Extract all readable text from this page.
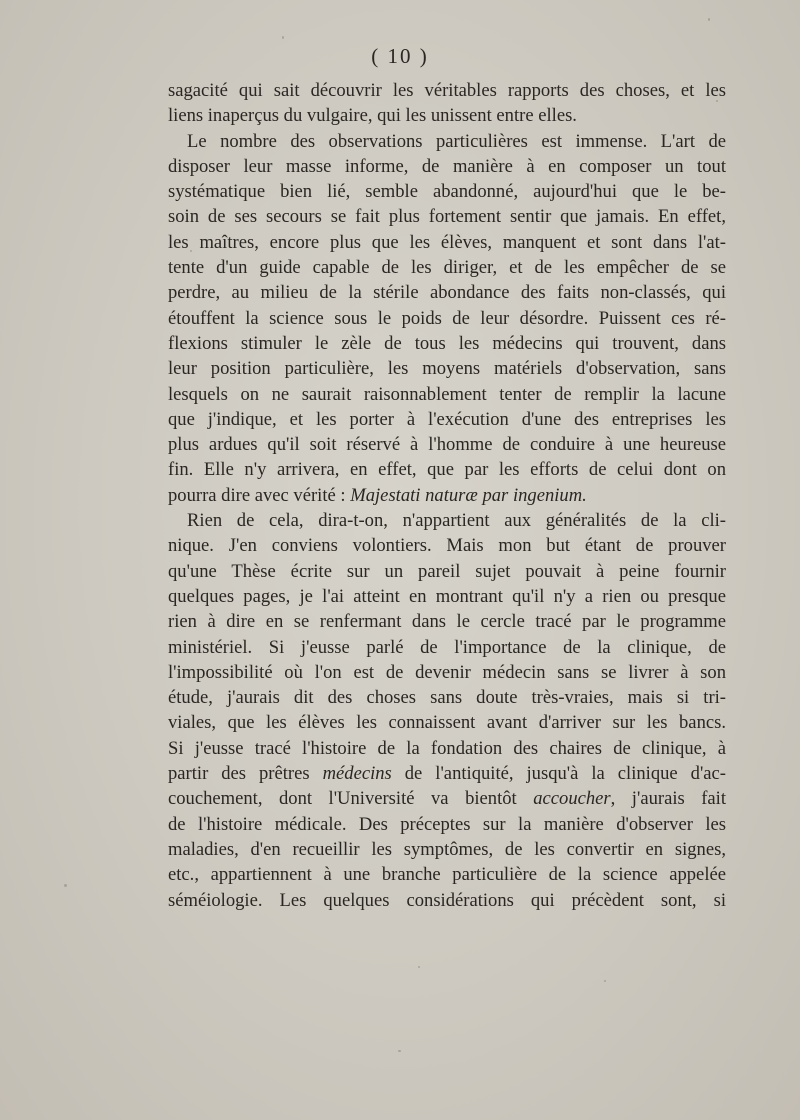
( 10 )
sagacité qui sait découvrir les véritables rapports des choses, et les
liens inaperçus du vulgaire, qui les unissent entre elles.
Le nombre des observations particulières est immense. L'art de
disposer leur masse informe, de manière à en composer un tout
systématique bien lié, semble abandonné, aujourd'hui que le be-
soin de ses secours se fait plus fortement sentir que jamais. En effet,
les maîtres, encore plus que les élèves, manquent et sont dans l'at-
tente d'un guide capable de les diriger, et de les empêcher de se
perdre, au milieu de la stérile abondance des faits non-classés, qui
étouffent la science sous le poids de leur désordre. Puissent ces ré-
flexions stimuler le zèle de tous les médecins qui trouvent, dans
leur position particulière, les moyens matériels d'observation, sans
lesquels on ne saurait raisonnablement tenter de remplir la lacune
que j'indique, et les porter à l'exécution d'une des entreprises les
plus ardues qu'il soit réservé à l'homme de conduire à une heureuse
fin. Elle n'y arrivera, en effet, que par les efforts de celui dont on
pourra dire avec vérité : Majestati naturæ par ingenium.
Rien de cela, dira-t-on, n'appartient aux généralités de la cli-
nique. J'en conviens volontiers. Mais mon but étant de prouver
qu'une Thèse écrite sur un pareil sujet pouvait à peine fournir
quelques pages, je l'ai atteint en montrant qu'il n'y a rien ou presque
rien à dire en se renfermant dans le cercle tracé par le programme
ministériel. Si j'eusse parlé de l'importance de la clinique, de
l'impossibilité où l'on est de devenir médecin sans se livrer à son
étude, j'aurais dit des choses sans doute très-vraies, mais si tri-
viales, que les élèves les connaissent avant d'arriver sur les bancs.
Si j'eusse tracé l'histoire de la fondation des chaires de clinique, à
partir des prêtres médecins de l'antiquité, jusqu'à la clinique d'ac-
couchement, dont l'Université va bientôt accoucher, j'aurais fait
de l'histoire médicale. Des préceptes sur la manière d'observer les
maladies, d'en recueillir les symptômes, de les convertir en signes,
etc., appartiennent à une branche particulière de la science appelée
séméiologie. Les quelques considérations qui précèdent sont, si
